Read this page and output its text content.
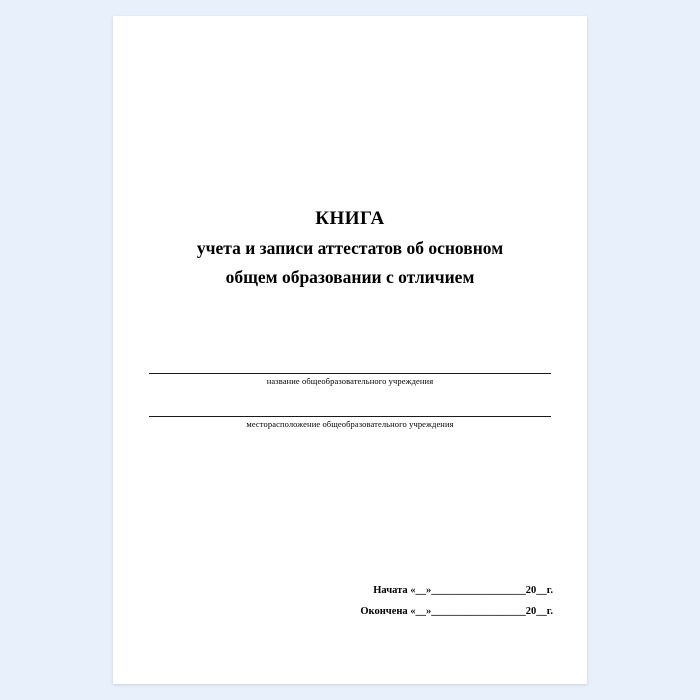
КНИГА
учета и записи аттестатов об основном
общем образовании с отличием
название общеобразовательного учреждения
месторасположение общеобразовательного учреждения
Начата «__»__________________20__г.
Окончена «__»__________________20__г.
